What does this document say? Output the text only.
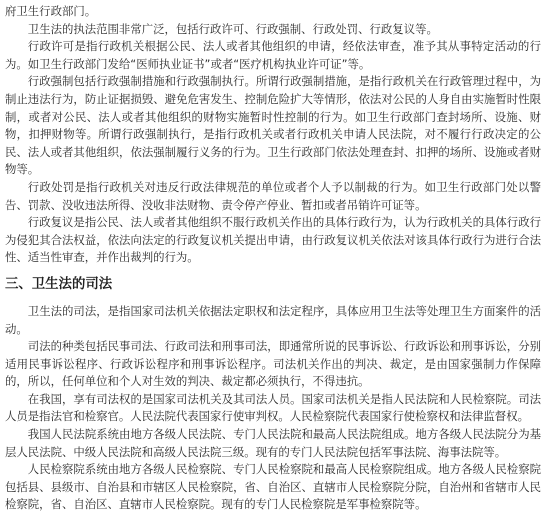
府卫生行政部门。

卫生法的执法范围非常广泛，包括行政许可、行政强制、行政处罚、行政复议等。

行政许可是指行政机关根据公民、法人或者其他组织的申请，经依法审查，准予其从事特定活动的行为。如卫生行政部门发给“医师执业证书”或者“医疗机构执业许可证”等。

行政强制包括行政强制措施和行政强制执行。所谓行政强制措施，是指行政机关在行政管理过程中，为制止违法行为，防止证据损毁、避免危害发生、控制危险扩大等情形，依法对公民的人身自由实施暂时性限制，或者对公民、法人或者其他组织的财物实施暂时性控制的行为。如卫生行政部门查封场所、设施、财物，扣押财物等。所谓行政强制执行，是指行政机关或者行政机关申请人民法院，对不履行行政决定的公民、法人或者其他组织，依法强制履行义务的行为。卫生行政部门依法处理查封、扣押的场所、设施或者财物等。

行政处罚是指行政机关对违反行政法律规范的单位或者个人予以制裁的行为。如卫生行政部门处以警告、罚款、没收违法所得、没收非法财物、责令停产停业、暂扣或者吊销许可证等。

行政复议是指公民、法人或者其他组织不服行政机关作出的具体行政行为，认为行政机关的具体行政行为侵犯其合法权益，依法向法定的行政复议机关提出申请，由行政复议机关依法对该具体行政行为进行合法性、适当性审查，并作出裁判的行为。

三、卫生法的司法

卫生法的司法，是指国家司法机关依据法定职权和法定程序，具体应用卫生法等处理卫生方面案件的活动。

司法的种类包括民事司法、行政司法和刑事司法，即通常所说的民事诉讼、行政诉讼和刑事诉讼，分别适用民事诉讼程序、行政诉讼程序和刑事诉讼程序。司法机关作出的判决、裁定，是由国家强制力作保障的，所以，任何单位和个人对生效的判决、裁定都必须执行，不得违抗。

在我国，享有司法权的是国家司法机关及其司法人员。国家司法机关是指人民法院和人民检察院。司法人员是指法官和检察官。人民法院代表国家行使审判权。人民检察院代表国家行使检察权和法律监督权。

我国人民法院系统由地方各级人民法院、专门人民法院和最高人民法院组成。地方各级人民法院分为基层人民法院、中级人民法院和高级人民法院三级。现有的专门人民法院包括军事法院、海事法院等。

人民检察院系统由地方各级人民检察院、专门人民检察院和最高人民检察院组成。地方各级人民检察院包括县、县级市、自治县和市辖区人民检察院，省、自治区、直辖市人民检察院分院，自治州和省辖市人民检察院，省、自治区、直辖市人民检察院。现有的专门人民检察院是军事检察院等。
